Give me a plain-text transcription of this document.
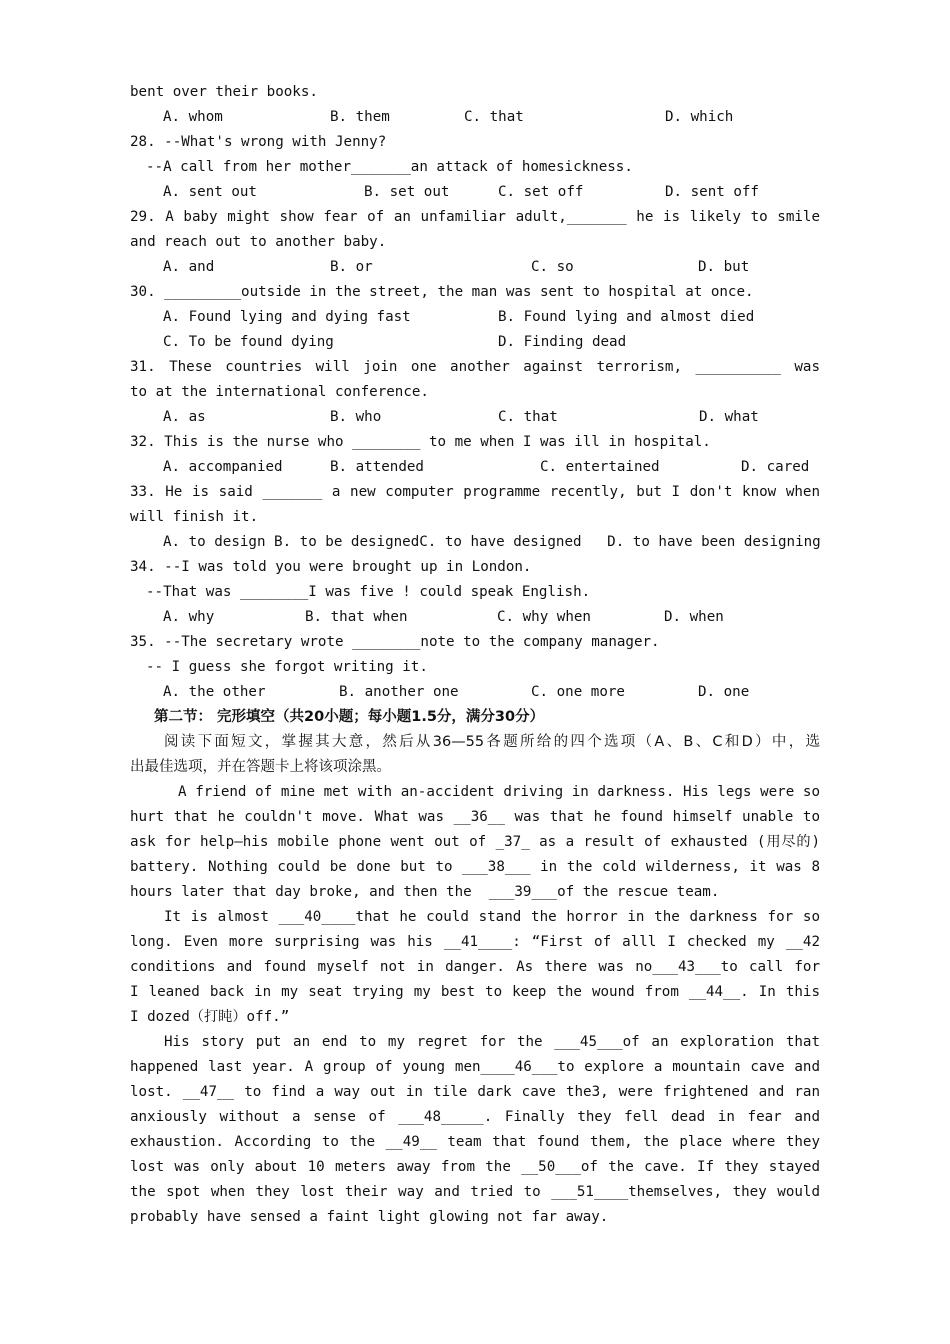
bent over their books.
A. whom	B. them	C. that	D. which
28. --What's wrong with Jenny?
--A call from her mother_______an attack of homesickness.
A. sent out	B. set out	C. set off	D. sent off
29. A baby might show fear of an unfamiliar adult,_______ he is likely to smile
and reach out to another baby.
A. and	B. or	C. so	D. but
30. _________outside in the street, the man was sent to hospital at once.
A. Found lying and dying fast	B. Found lying and almost died
C. To be found dying	D. Finding dead
31. These countries will join one another against terrorism, __________ was
to at the international conference.
A. as	B. who	C. that	D. what
32. This is the nurse who ________ to me when I was ill in hospital.
A. accompanied	B. attended	C. entertained	D. cared
33. He is said _______ a new computer programme recently, but I don't know when
will finish it.
A. to design B. to be designedC. to have designed   D. to have been designing
34. --I was told you were brought up in London.
--That was ________I was five ! could speak English.
A. why	B. that when	C. why when	D. when
35. --The secretary wrote ________note to the company manager.
-- I guess she forgot writing it.
A. the other	B. another one	C. one more	D. one
第二节： 完形填空（共20小题；每小题1.5分，满分30分）
阅读下面短文，掌握其大意，然后从36—55各题所给的四个选项（A、B、C和D）中，选
出最佳选项，并在答题卡上将该项涂黑。
A friend of mine met with an-accident driving in darkness. His legs were so
hurt that he couldn't move. What was __36__ was that he found himself unable to
ask for help—his mobile phone went out of _37_ as a result of exhausted (用尽的)
battery. Nothing could be done but to ___38___ in the cold wilderness, it was 8
hours later that day broke, and then the  ___39___of the rescue team.
It is almost ___40____that he could stand the horror in the darkness for so
long. Even more surprising was his __41____: “First of alll I checked my __42
conditions and found myself not in danger. As there was no___43___to call for
I leaned back in my seat trying my best to keep the wound from __44__. In this
I dozed（打盹）off.”
His story put an end to my regret for the ___45___of an exploration that
happened last year. A group of young men____46___to explore a mountain cave and
lost. __47__ to find a way out in tile dark cave the3, were frightened and ran
anxiously without a sense of ___48_____. Finally they fell dead in fear and
exhaustion. According to the __49__ team that found them, the place where they
lost was only about 10 meters away from the __50___of the cave. If they stayed
the spot when they lost their way and tried to ___51____themselves, they would
probably have sensed a faint light glowing not far away.
